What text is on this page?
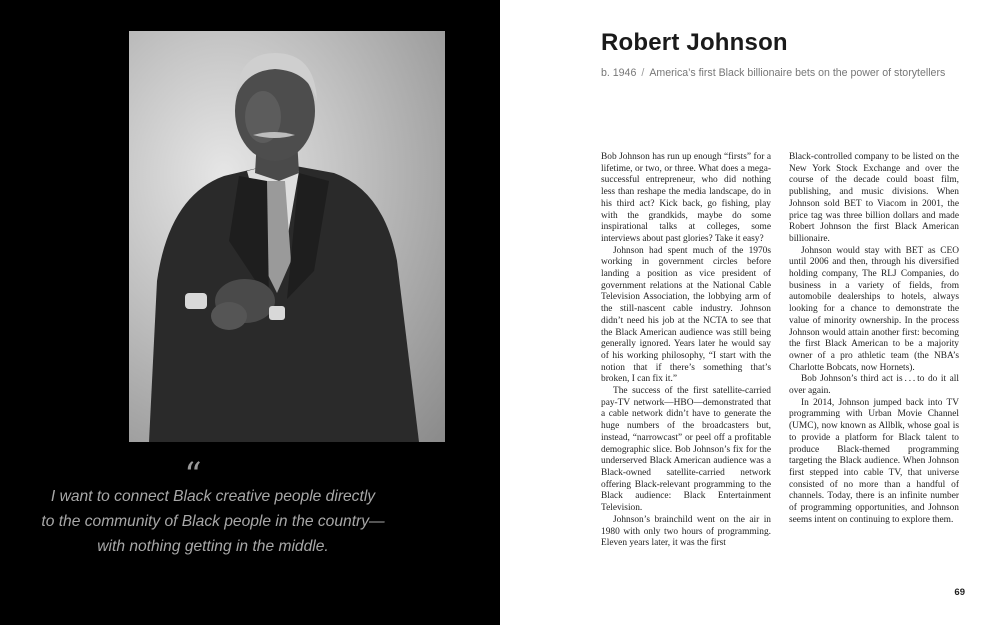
“
I want to connect Black creative people directly
to the community of Black people in the country—
with nothing getting in the middle.
Robert Johnson
b. 1946 / America’s first Black billionaire bets on the power of storytellers

Bob Johnson has run up enough “firsts” for a lifetime, or two, or three. What does a mega-successful entrepreneur, who did nothing less than reshape the media landscape, do in his third act? Kick back, go fishing, play with the grandkids, maybe do some inspirational talks at colleges, some interviews about past glories? Take it easy?

Johnson had spent much of the 1970s working in government circles before landing a position as vice president of government relations at the National Cable Television Association, the lobbying arm of the still-nascent cable industry. Johnson didn’t need his job at the NCTA to see that the Black American audience was still being generally ignored. Years later he would say of his working philosophy, “I start with the notion that if there’s something that’s broken, I can fix it.”

The success of the first satellite-carried pay-TV network—HBO—demonstrated that a cable network didn’t have to generate the huge numbers of the broadcasters but, instead, “narrowcast” or peel off a profitable demographic slice. Bob Johnson’s fix for the underserved Black American audience was a Black-owned satellite-carried network offering Black-relevant programming to the Black audience: Black Entertainment Television.

Johnson’s brainchild went on the air in 1980 with only two hours of programming. Eleven years later, it was the first

Black-controlled company to be listed on the New York Stock Exchange and over the course of the decade could boast film, publishing, and music divisions. When Johnson sold BET to Viacom in 2001, the price tag was three billion dollars and made Robert Johnson the first Black American billionaire.

Johnson would stay with BET as CEO until 2006 and then, through his diversified holding company, The RLJ Companies, do business in a variety of fields, from automobile dealerships to hotels, always looking for a chance to demonstrate the value of minority ownership. In the process Johnson would attain another first: becoming the first Black American to be a majority owner of a pro athletic team (the NBA’s Charlotte Bobcats, now Hornets).

Bob Johnson’s third act is . . . to do it all over again.

In 2014, Johnson jumped back into TV programming with Urban Movie Channel (UMC), now known as Allblk, whose goal is to provide a platform for Black talent to produce Black-themed programming targeting the Black audience. When Johnson first stepped into cable TV, that universe consisted of no more than a handful of channels. Today, there is an infinite number of programming opportunities, and Johnson seems intent on continuing to explore them.

69
